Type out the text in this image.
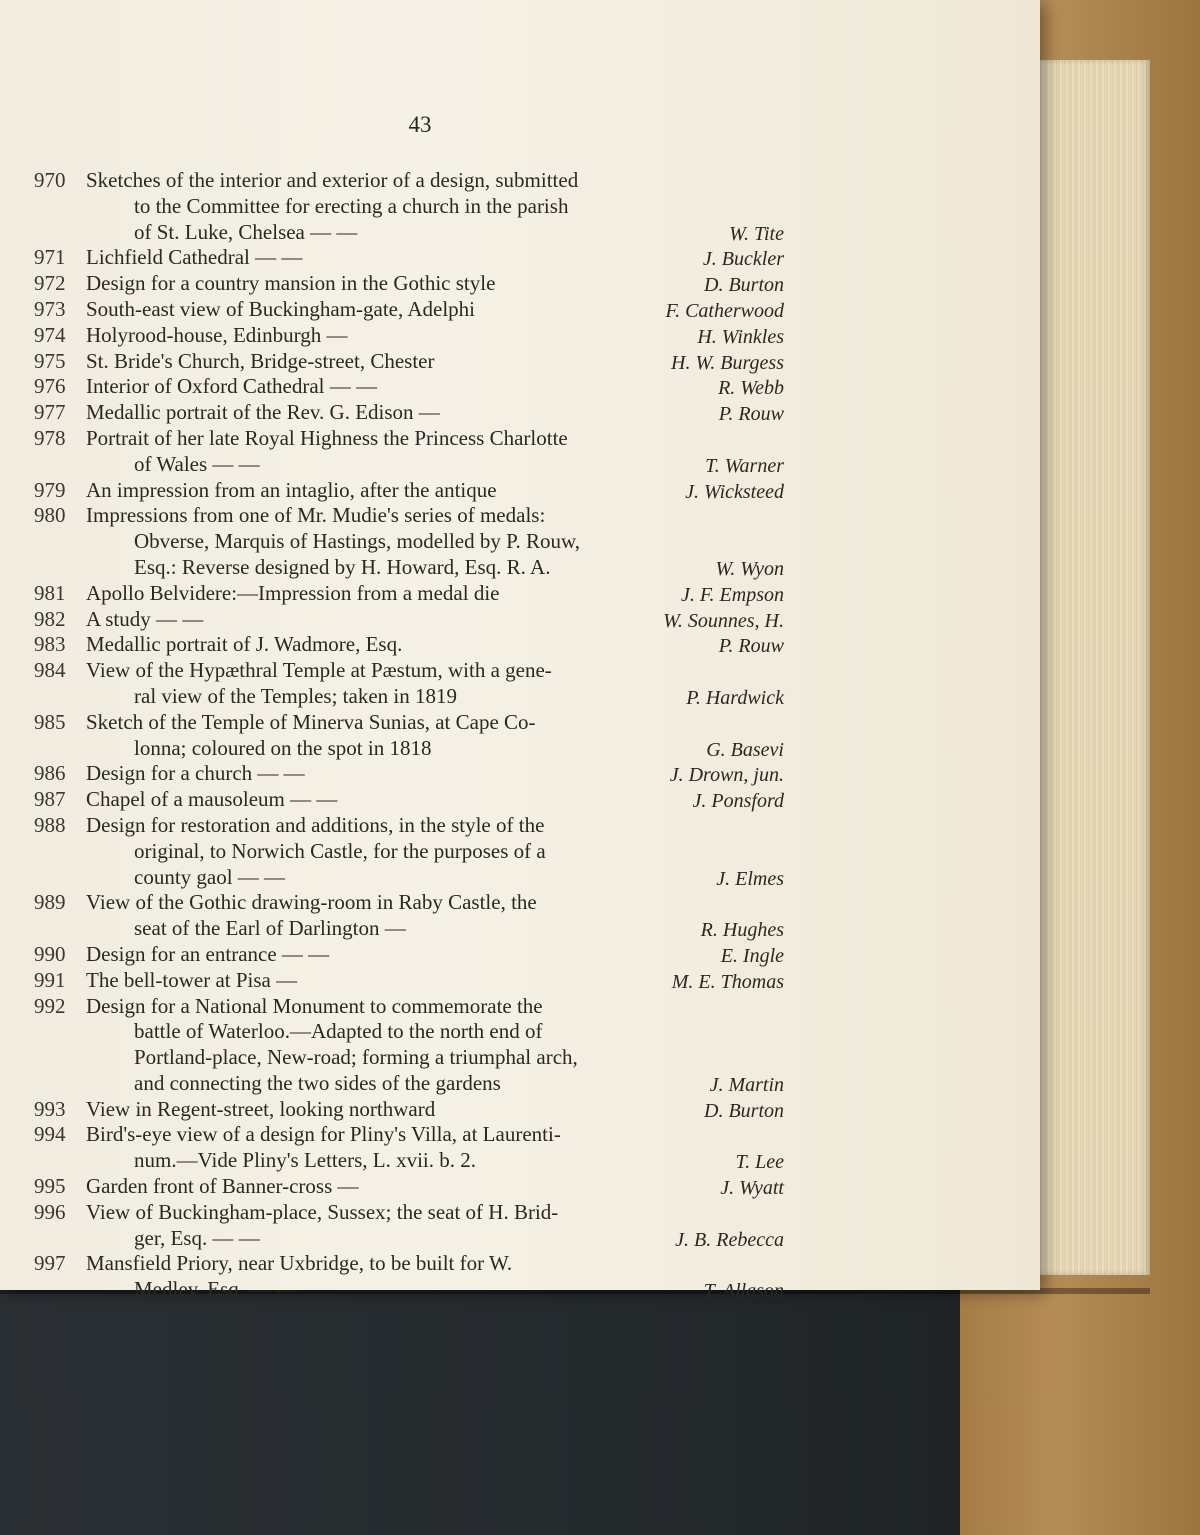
43
970 Sketches of the interior and exterior of a design, submitted
to the Committee for erecting a church in the parish
of St. Luke, Chelsea — —	W. Tite
971 Lichfield Cathedral — —	J. Buckler
972 Design for a country mansion in the Gothic style	D. Burton
973 South-east view of Buckingham-gate, Adelphi	F. Catherwood
974 Holyrood-house, Edinburgh —	H. Winkles
975 St. Bride's Church, Bridge-street, Chester	H. W. Burgess
976 Interior of Oxford Cathedral — —	R. Webb
977 Medallic portrait of the Rev. G. Edison —	P. Rouw
978 Portrait of her late Royal Highness the Princess Charlotte
of Wales — —	T. Warner
979 An impression from an intaglio, after the antique	J. Wicksteed
980 Impressions from one of Mr. Mudie's series of medals:
Obverse, Marquis of Hastings, modelled by P. Rouw,
Esq.: Reverse designed by H. Howard, Esq. R. A.	W. Wyon
981 Apollo Belvidere:—Impression from a medal die	J. F. Empson
982 A study — —	W. Sounnes, H.
983 Medallic portrait of J. Wadmore, Esq.	P. Rouw
984 View of the Hypæthral Temple at Pæstum, with a gene-
ral view of the Temples; taken in 1819	P. Hardwick
985 Sketch of the Temple of Minerva Sunias, at Cape Co-
lonna; coloured on the spot in 1818	G. Basevi
986 Design for a church — —	J. Drown, jun.
987 Chapel of a mausoleum — —	J. Ponsford
988 Design for restoration and additions, in the style of the
original, to Norwich Castle, for the purposes of a
county gaol — —	J. Elmes
989 View of the Gothic drawing-room in Raby Castle, the
seat of the Earl of Darlington —	R. Hughes
990 Design for an entrance — —	E. Ingle
991 The bell-tower at Pisa —	M. E. Thomas
992 Design for a National Monument to commemorate the
battle of Waterloo.—Adapted to the north end of
Portland-place, New-road; forming a triumphal arch,
and connecting the two sides of the gardens	J. Martin
993 View in Regent-street, looking northward	D. Burton
994 Bird's-eye view of a design for Pliny's Villa, at Laurenti-
num.—Vide Pliny's Letters, L. xvii. b. 2.	T. Lee
995 Garden front of Banner-cross —	J. Wyatt
996 View of Buckingham-place, Sussex; the seat of H. Brid-
ger, Esq. — —	J. B. Rebecca
997 Mansfield Priory, near Uxbridge, to be built for W.
Medley, Esq. — —	T. Allason
